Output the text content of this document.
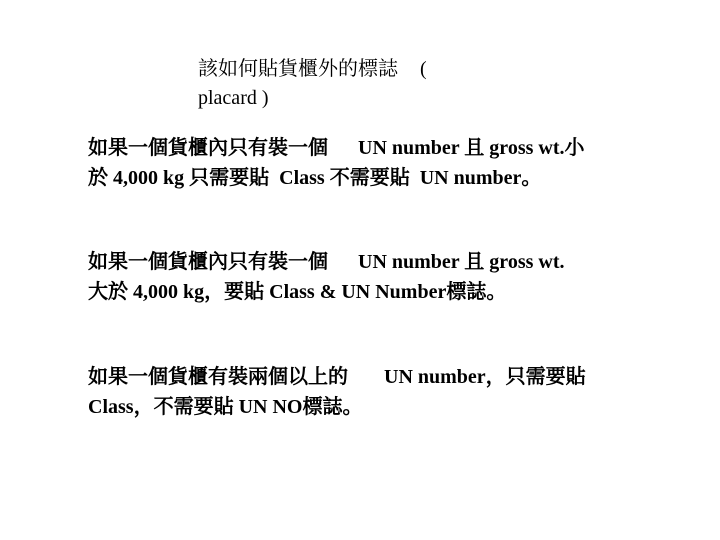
該如何貼貨櫃外的標誌 (
placard )
如果一個貨櫃內只有裝一個 UN number 且 gross wt.小
於 4,000 kg 只需要貼 Class 不需要貼 UN number。
如果一個貨櫃內只有裝一個 UN number 且 gross wt.
大於 4,000 kg，要貼 Class & UN Number標誌。
如果一個貨櫃有裝兩個以上的 UN number，只需要貼
Class，不需要貼 UN NO標誌。
